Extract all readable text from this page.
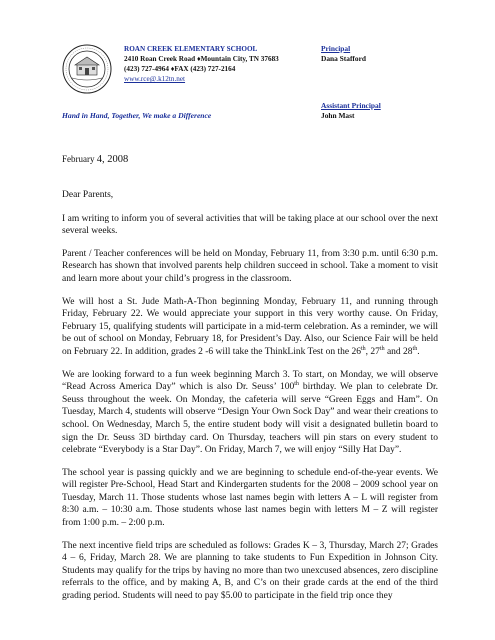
ROAN CREEK ELEMENTARY SCHOOL
2410 Roan Creek Road ♦Mountain City, TN 37683
(423) 727-4964 ♦FAX (423) 727-2164
www.rce@.k12tn.net
Hand in Hand, Together, We make a Difference
Principal
Dana Stafford
Assistant Principal
John Mast
February 4, 2008

Dear Parents,

I am writing to inform you of several activities that will be taking place at our school over the next several weeks.

Parent / Teacher conferences will be held on Monday, February 11, from 3:30 p.m. until 6:30 p.m. Research has shown that involved parents help children succeed in school. Take a moment to visit and learn more about your child’s progress in the classroom.

We will host a St. Jude Math-A-Thon beginning Monday, February 11, and running through Friday, February 22. We would appreciate your support in this very worthy cause. On Friday, February 15, qualifying students will participate in a mid-term celebration. As a reminder, we will be out of school on Monday, February 18, for President’s Day. Also, our Science Fair will be held on February 22. In addition, grades 2 -6 will take the ThinkLink Test on the 26th, 27th and 28th.

We are looking forward to a fun week beginning March 3. To start, on Monday, we will observe “Read Across America Day” which is also Dr. Seuss’ 100th birthday. We plan to celebrate Dr. Seuss throughout the week. On Monday, the cafeteria will serve “Green Eggs and Ham”. On Tuesday, March 4, students will observe “Design Your Own Sock Day” and wear their creations to school. On Wednesday, March 5, the entire student body will visit a designated bulletin board to sign the Dr. Seuss 3D birthday card. On Thursday, teachers will pin stars on every student to celebrate “Everybody is a Star Day”. On Friday, March 7, we will enjoy “Silly Hat Day”.

The school year is passing quickly and we are beginning to schedule end-of-the-year events. We will register Pre-School, Head Start and Kindergarten students for the 2008 – 2009 school year on Tuesday, March 11. Those students whose last names begin with letters A – L will register from 8:30 a.m. – 10:30 a.m. Those students whose last names begin with letters M – Z will register from 1:00 p.m. – 2:00 p.m.

The next incentive field trips are scheduled as follows: Grades K – 3, Thursday, March 27; Grades 4 – 6, Friday, March 28. We are planning to take students to Fun Expedition in Johnson City. Students may qualify for the trips by having no more than two unexcused absences, zero discipline referrals to the office, and by making A, B, and C’s on their grade cards at the end of the third grading period. Students will need to pay $5.00 to participate in the field trip once they
